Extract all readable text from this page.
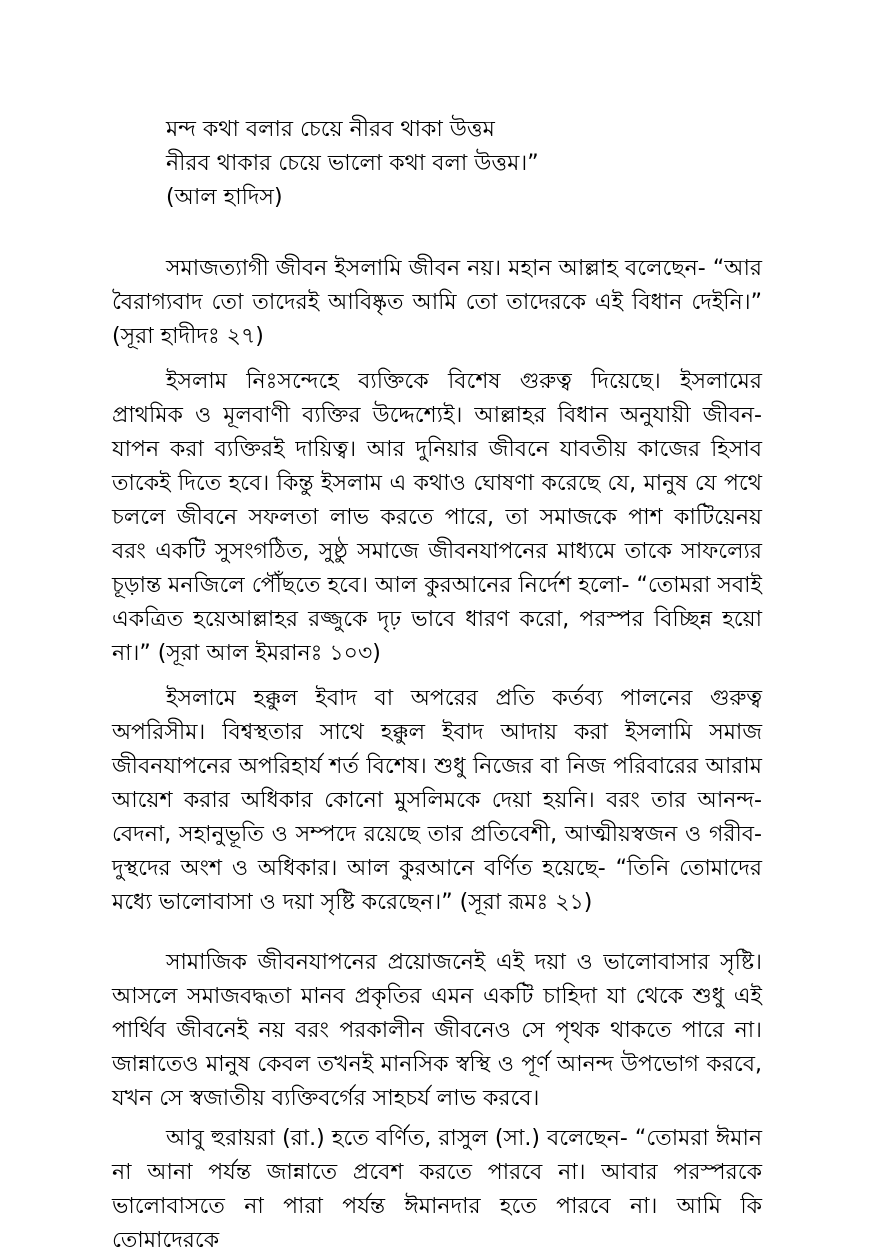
মন্দ কথা বলার চেয়ে নীরব থাকা উত্তম
নীরব থাকার চেয়ে ভালো কথা বলা উত্তম।”
(আল হাদিস)

সমাজত্যাগী জীবন ইসলামি জীবন নয়। মহান আল্লাহ বলেছেন- “আর বৈরাগ্যবাদ তো তাদেরই আবিষ্কৃত আমি তো তাদেরকে এই বিধান দেইনি।” (সূরা হাদীদঃ ২৭)

ইসলাম নিঃসন্দেহে ব্যক্তিকে বিশেষ গুরুত্ব দিয়েছে। ইসলামের প্রাথমিক ও মূলবাণী ব্যক্তির উদ্দেশ্যেই। আল্লাহর বিধান অনুযায়ী জীবন-যাপন করা ব্যক্তিরই দায়িত্ব। আর দুনিয়ার জীবনে যাবতীয় কাজের হিসাব তাকেই দিতে হবে। কিন্তু ইসলাম এ কথাও ঘোষণা করেছে যে, মানুষ যে পথে চললে জীবনে সফলতা লাভ করতে পারে, তা সমাজকে পাশ কাটিয়েনয় বরং একটি সুসংগঠিত, সুষ্ঠু সমাজে জীবনযাপনের মাধ্যমে তাকে সাফল্যের চূড়ান্ত মনজিলে পৌঁছতে হবে। আল কুরআনের নির্দেশ হলো- “তোমরা সবাই একত্রিত হয়েআল্লাহর রজ্জুকে দৃঢ় ভাবে ধারণ করো, পরস্পর বিচ্ছিন্ন হয়ো না।” (সূরা আল ইমরানঃ ১০৩)

ইসলামে হক্কুল ইবাদ বা অপরের প্রতি কর্তব্য পালনের গুরুত্ব অপরিসীম। বিশ্বস্থতার সাথে হক্কুল ইবাদ আদায় করা ইসলামি সমাজ জীবনযাপনের অপরিহার্য শর্ত বিশেষ। শুধু নিজের বা নিজ পরিবারের আরাম আয়েশ করার অধিকার কোনো মুসলিমকে দেয়া হয়নি। বরং তার আনন্দ-বেদনা, সহানুভূতি ও সম্পদে রয়েছে তার প্রতিবেশী, আত্মীয়স্বজন ও গরীব-দুস্থদের অংশ ও অধিকার। আল কুরআনে বর্ণিত হয়েছে- “তিনি তোমাদের মধ্যে ভালোবাসা ও দয়া সৃষ্টি করেছেন।” (সূরা রূমঃ ২১)

সামাজিক জীবনযাপনের প্রয়োজনেই এই দয়া ও ভালোবাসার সৃষ্টি। আসলে সমাজবদ্ধতা মানব প্রকৃতির এমন একটি চাহিদা যা থেকে শুধু এই পার্থিব জীবনেই নয় বরং পরকালীন জীবনেও সে পৃথক থাকতে পারে না। জান্নাতেও মানুষ কেবল তখনই মানসিক স্বস্থি ও পূর্ণ আনন্দ উপভোগ করবে, যখন সে স্বজাতীয় ব্যক্তিবর্গের সাহচর্য লাভ করবে।

আবু হুরায়রা (রা.) হতে বর্ণিত, রাসুল (সা.) বলেছেন- “তোমরা ঈমান না আনা পর্যন্ত জান্নাতে প্রবেশ করতে পারবে না। আবার পরস্পরকে ভালোবাসতে না পারা পর্যন্ত ঈমানদার হতে পারবে না। আমি কি তোমাদেরকে
